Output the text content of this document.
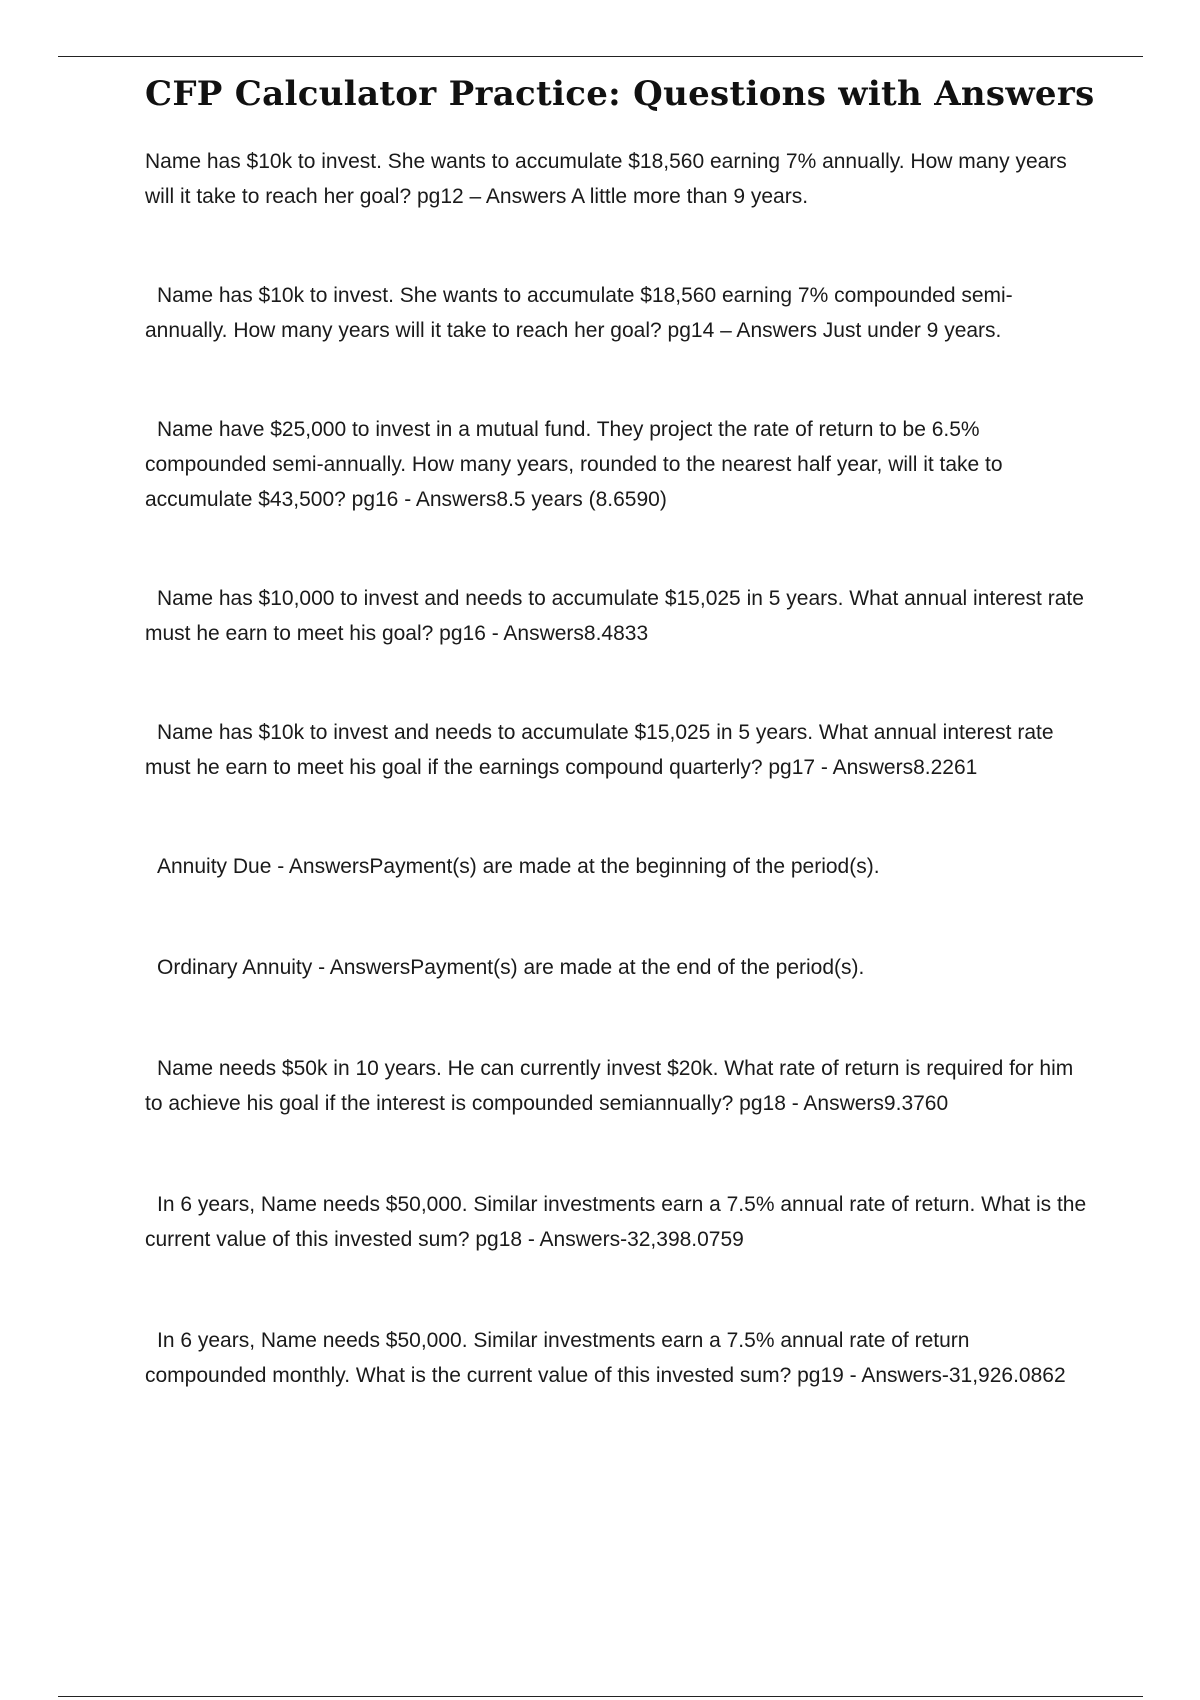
CFP Calculator Practice: Questions with Answers

Name has $10k to invest. She wants to accumulate $18,560 earning 7% annually. How many years will it take to reach her goal? pg12 – Answers A little more than 9 years.

Name has $10k to invest. She wants to accumulate $18,560 earning 7% compounded semi-annually. How many years will it take to reach her goal? pg14 – Answers Just under 9 years.

Name have $25,000 to invest in a mutual fund. They project the rate of return to be 6.5% compounded semi-annually. How many years, rounded to the nearest half year, will it take to accumulate $43,500? pg16 - Answers8.5 years (8.6590)

Name has $10,000 to invest and needs to accumulate $15,025 in 5 years. What annual interest rate must he earn to meet his goal? pg16 - Answers8.4833

Name has $10k to invest and needs to accumulate $15,025 in 5 years. What annual interest rate must he earn to meet his goal if the earnings compound quarterly? pg17 - Answers8.2261

Annuity Due - AnswersPayment(s) are made at the beginning of the period(s).

Ordinary Annuity - AnswersPayment(s) are made at the end of the period(s).

Name needs $50k in 10 years. He can currently invest $20k. What rate of return is required for him to achieve his goal if the interest is compounded semiannually? pg18 - Answers9.3760

In 6 years, Name needs $50,000. Similar investments earn a 7.5% annual rate of return. What is the current value of this invested sum? pg18 - Answers-32,398.0759

In 6 years, Name needs $50,000. Similar investments earn a 7.5% annual rate of return compounded monthly. What is the current value of this invested sum? pg19 - Answers-31,926.0862
